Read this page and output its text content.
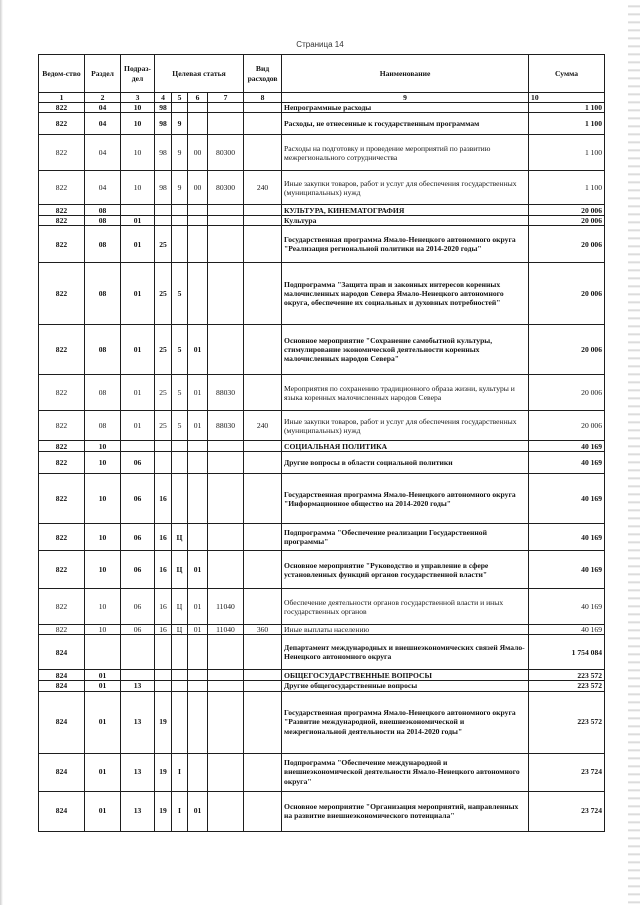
Страница 14
Ведом-ство	Раздел	Подраз-дел	Целевая статья				Вид расходов	Наименование	Сумма

1	2	3	4	5	6	7	8	9	10
822	04	10	98					Непрограммные расходы	1 100
822	04	10	98	9				Расходы, не отнесенные к государственным программам	1 100
822	04	10	98	9	00	80300		Расходы на подготовку и проведение мероприятий по развитию межрегионального сотрудничества	1 100
822	04	10	98	9	00	80300	240	Иные закупки товаров, работ и услуг для обеспечения государственных (муниципальных) нужд	1 100
822	08							КУЛЬТУРА, КИНЕМАТОГРАФИЯ	20 006
822	08	01						Культура	20 006
822	08	01	25					Государственная программа Ямало-Ненецкого автономного округа "Реализация региональной политики на 2014-2020 годы"	20 006
822	08	01	25	5				Подпрограмма "Защита прав и законных интересов коренных малочисленных народов Севера Ямало-Ненецкого автономного округа, обеспечение их социальных и духовных потребностей"	20 006
822	08	01	25	5	01			Основное мероприятие "Сохранение самобытной культуры, стимулирование экономической деятельности коренных малочисленных народов Севера"	20 006
822	08	01	25	5	01	88030		Мероприятия по сохранению традиционного образа жизни, культуры и языка коренных малочисленных народов Севера	20 006
822	08	01	25	5	01	88030	240	Иные закупки товаров, работ и услуг для обеспечения государственных (муниципальных) нужд	20 006
822	10							СОЦИАЛЬНАЯ ПОЛИТИКА	40 169
822	10	06						Другие вопросы в области социальной политики	40 169
822	10	06	16					Государственная программа Ямало-Ненецкого автономного округа "Информационное общество на 2014-2020 годы"	40 169
822	10	06	16	Ц				Подпрограмма "Обеспечение реализации Государственной программы"	40 169
822	10	06	16	Ц	01			Основное мероприятие "Руководство и управление в сфере установленных функций органов государственной власти"	40 169
822	10	06	16	Ц	01	11040		Обеспечение деятельности органов государственной власти и иных государственных органов	40 169
822	10	06	16	Ц	01	11040	360	Иные выплаты населению	40 169
824								Департамент международных и внешнеэкономических связей Ямало-Ненецкого автономного округа	1 754 084
824	01							ОБЩЕГОСУДАРСТВЕННЫЕ ВОПРОСЫ	223 572
824	01	13						Другие общегосударственные вопросы	223 572
824	01	13	19					Государственная программа Ямало-Ненецкого автономного округа "Развитие международной, внешнеэкономической и межрегиональной деятельности на 2014-2020 годы"	223 572
824	01	13	19	I				Подпрограмма "Обеспечение международной и внешнеэкономической деятельности Ямало-Ненецкого автономного округа"	23 724
824	01	13	19	I	01			Основное мероприятие "Организация мероприятий, направленных на развитие внешнеэкономического потенциала"	23 724
